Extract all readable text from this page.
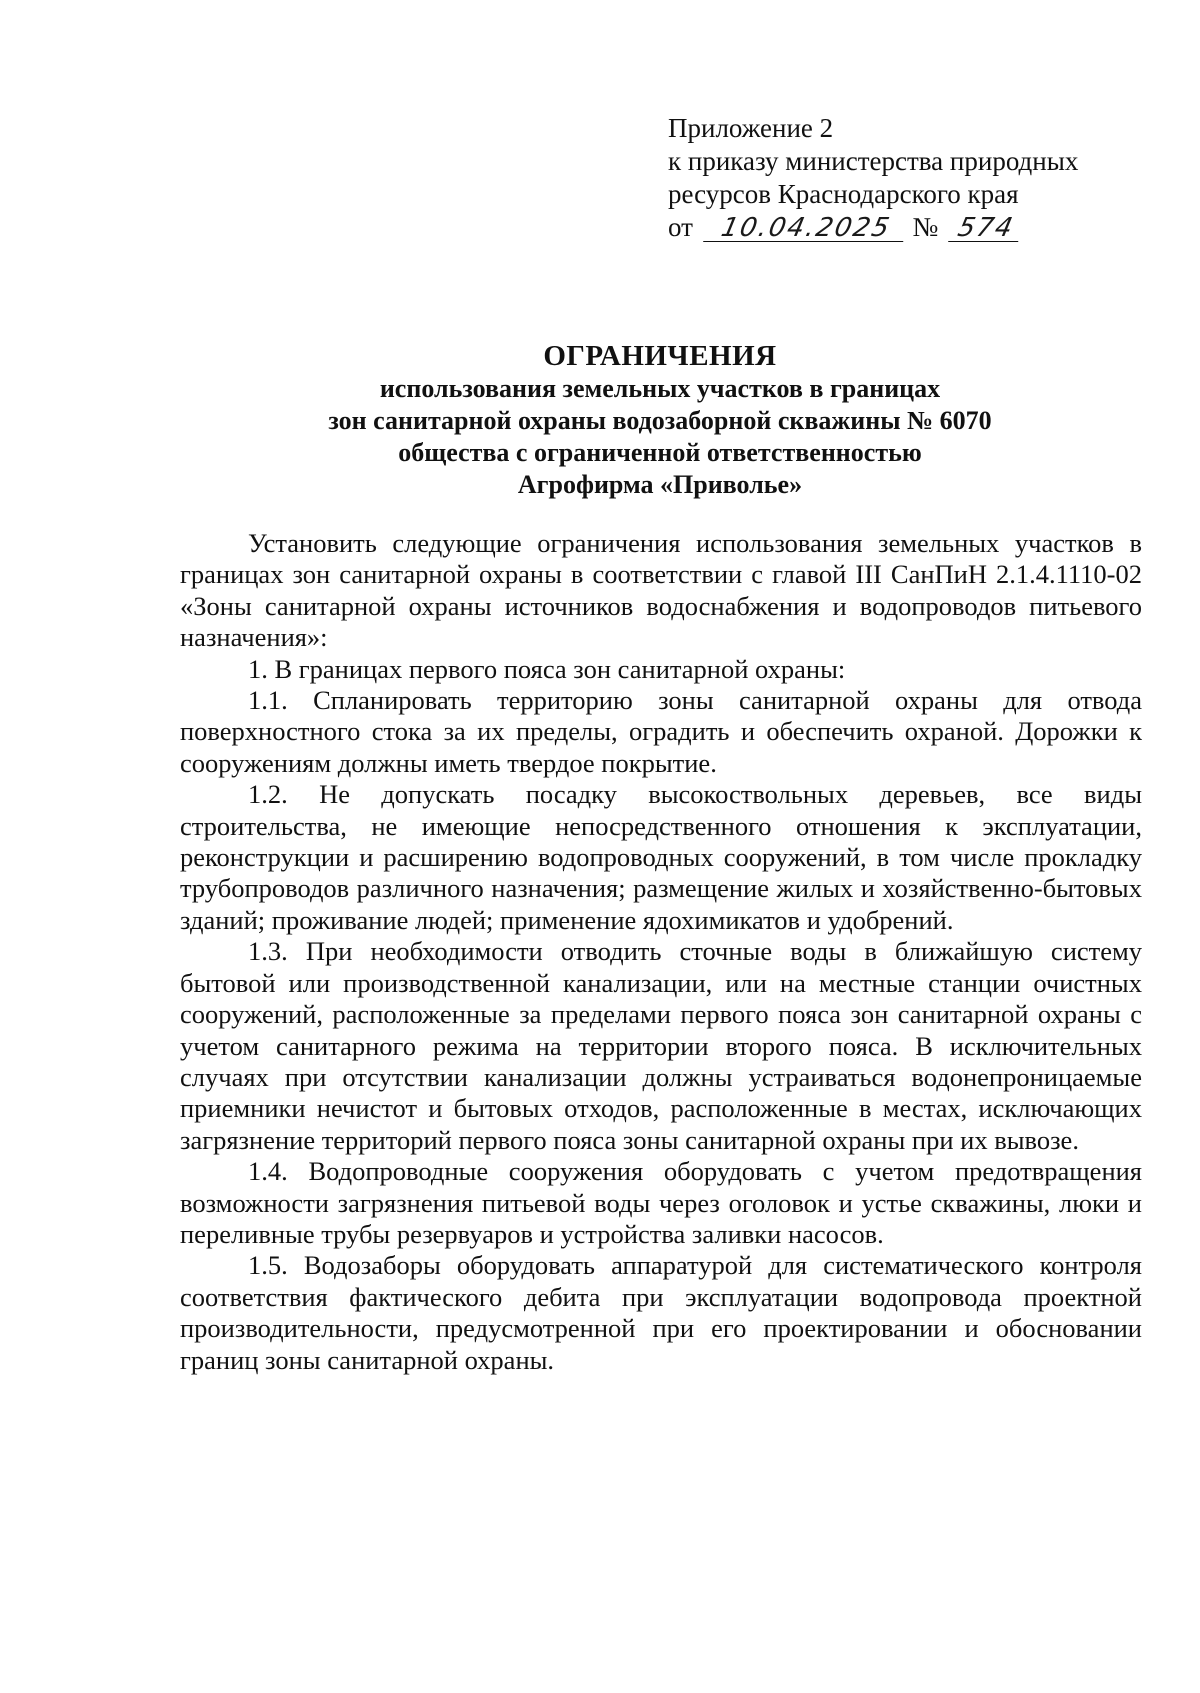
Приложение 2
к приказу министерства природных
ресурсов Краснодарского края
от 10.04.2025 № 574
ОГРАНИЧЕНИЯ
использования земельных участков в границах
зон санитарной охраны водозаборной скважины № 6070
общества с ограниченной ответственностью
Агрофирма «Приволье»

Установить следующие ограничения использования земельных участков в границах зон санитарной охраны в соответствии с главой III СанПиН 2.1.4.1110-02 «Зоны санитарной охраны источников водоснабжения и водопроводов питьевого назначения»:

1. В границах первого пояса зон санитарной охраны:

1.1. Спланировать территорию зоны санитарной охраны для отвода поверхностного стока за их пределы, оградить и обеспечить охраной. Дорожки к сооружениям должны иметь твердое покрытие.

1.2. Не допускать посадку высокоствольных деревьев, все виды строительства, не имеющие непосредственного отношения к эксплуатации, реконструкции и расширению водопроводных сооружений, в том числе прокладку трубопроводов различного назначения; размещение жилых и хозяйственно-бытовых зданий; проживание людей; применение ядохимикатов и удобрений.

1.3. При необходимости отводить сточные воды в ближайшую систему бытовой или производственной канализации, или на местные станции очистных сооружений, расположенные за пределами первого пояса зон санитарной охраны с учетом санитарного режима на территории второго пояса. В исключительных случаях при отсутствии канализации должны устраиваться водонепроницаемые приемники нечистот и бытовых отходов, расположенные в местах, исключающих загрязнение территорий первого пояса зоны санитарной охраны при их вывозе.

1.4. Водопроводные сооружения оборудовать с учетом предотвращения возможности загрязнения питьевой воды через оголовок и устье скважины, люки и переливные трубы резервуаров и устройства заливки насосов.

1.5. Водозаборы оборудовать аппаратурой для систематического контроля соответствия фактического дебита при эксплуатации водопровода проектной производительности, предусмотренной при его проектировании и обосновании границ зоны санитарной охраны.
